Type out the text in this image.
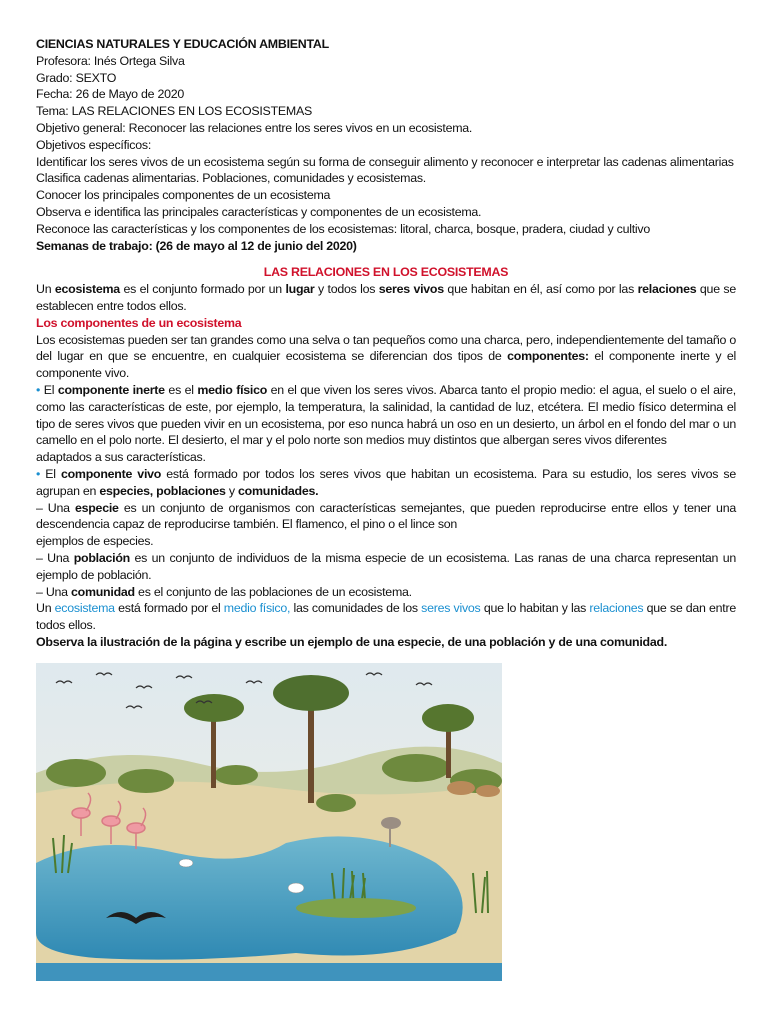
CIENCIAS NATURALES Y EDUCACIÓN AMBIENTAL
Profesora: Inés Ortega Silva
Grado: SEXTO
Fecha: 26 de Mayo de 2020
Tema: LAS RELACIONES EN LOS ECOSISTEMAS
Objetivo general: Reconocer las relaciones entre los seres vivos en un ecosistema.
Objetivos específicos:
Identificar los seres vivos de un ecosistema según su forma de conseguir alimento y reconocer e interpretar las cadenas alimentarias
Clasifica cadenas alimentarias. Poblaciones, comunidades y ecosistemas.
Conocer los principales componentes de un ecosistema
Observa e identifica las principales características y componentes de un ecosistema.
Reconoce las características y los componentes de los ecosistemas: litoral, charca, bosque, pradera, ciudad y cultivo
Semanas de trabajo: (26 de mayo al 12 de junio del 2020)
LAS RELACIONES EN LOS ECOSISTEMAS
Un ecosistema es el conjunto formado por un lugar y todos los seres vivos que habitan en él, así como por las relaciones que se establecen entre todos ellos.
Los componentes de un ecosistema
Los ecosistemas pueden ser tan grandes como una selva o tan pequeños como una charca, pero, independientemente del tamaño o del lugar en que se encuentre, en cualquier ecosistema se diferencian dos tipos de componentes: el componente inerte y el componente vivo.
• El componente inerte es el medio físico en el que viven los seres vivos. Abarca tanto el propio medio: el agua, el suelo o el aire, como las características de este, por ejemplo, la temperatura, la salinidad, la cantidad de luz, etcétera. El medio físico determina el tipo de seres vivos que pueden vivir en un ecosistema, por eso nunca habrá un oso en un desierto, un árbol en el fondo del mar o un camello en el polo norte. El desierto, el mar y el polo norte son medios muy distintos que albergan seres vivos diferentes
adaptados a sus características.
• El componente vivo está formado por todos los seres vivos que habitan un ecosistema. Para su estudio, los seres vivos se agrupan en especies, poblaciones y comunidades.
– Una especie es un conjunto de organismos con características semejantes, que pueden reproducirse entre ellos y tener una descendencia capaz de reproducirse también. El flamenco, el pino o el lince son
ejemplos de especies.
– Una población es un conjunto de individuos de la misma especie de un ecosistema. Las ranas de una charca representan un ejemplo de población.
– Una comunidad es el conjunto de las poblaciones de un ecosistema.
Un ecosistema está formado por el medio físico, las comunidades de los seres vivos que lo habitan y las relaciones que se dan entre todos ellos.
Observa la ilustración de la página y escribe un ejemplo de una especie, de una población y de una comunidad.
